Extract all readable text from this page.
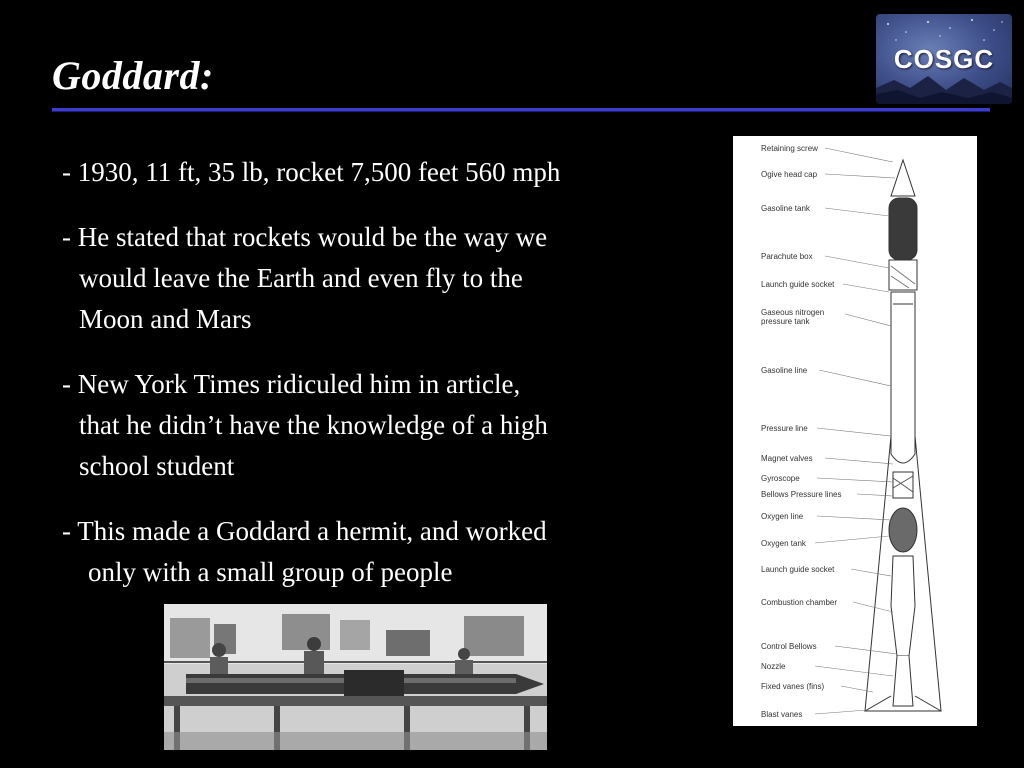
Goddard:	COSGC
- 1930, 11 ft, 35 lb, rocket 7,500 feet 560 mph
- He stated that rockets would be the way we
would leave the Earth and even fly to the
Moon and Mars
- New York Times ridiculed him in article,
that he didn’t have the knowledge of a high
school student
- This made a Goddard a hermit, and worked
only with a small group of people
Retaining screw
Ogive head cap
Gasoline tank
Parachute box
Launch guide socket
Gaseous nitrogen
pressure tank
Gasoline line
Pressure line
Magnet valves
Gyroscope
Bellows Pressure lines
Oxygen line
Oxygen tank
Launch guide socket
Combustion chamber
Control Bellows
Nozzle
Fixed vanes (fins)
Blast vanes
